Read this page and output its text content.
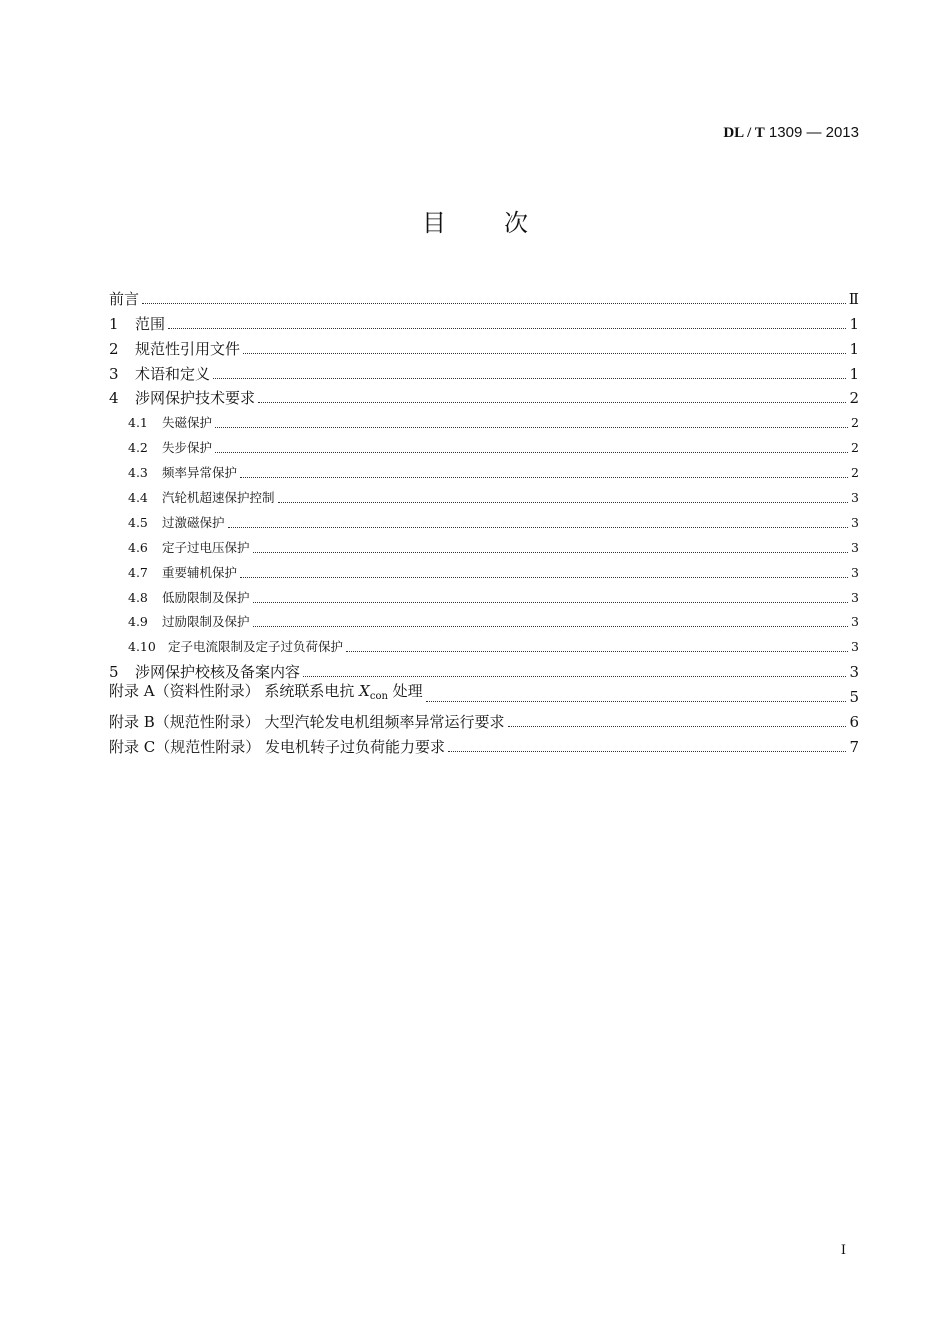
DL / T 1309 — 2013
目次
前言	Ⅱ
1	范围	1
2	规范性引用文件	1
3	术语和定义	1
4	涉网保护技术要求	2
4.1	失磁保护	2
4.2	失步保护	2
4.3	频率异常保护	2
4.4	汽轮机超速保护控制	3
4.5	过激磁保护	3
4.6	定子过电压保护	3
4.7	重要辅机保护	3
4.8	低励限制及保护	3
4.9	过励限制及保护	3
4.10 定子电流限制及定子过负荷保护	3
5	涉网保护校核及备案内容	3
附录 A（资料性附录） 系统联系电抗 $X_{con}$ 处理	5
附录 B（规范性附录） 大型汽轮发电机组频率异常运行要求	6
附录 C（规范性附录） 发电机转子过负荷能力要求	7
I
